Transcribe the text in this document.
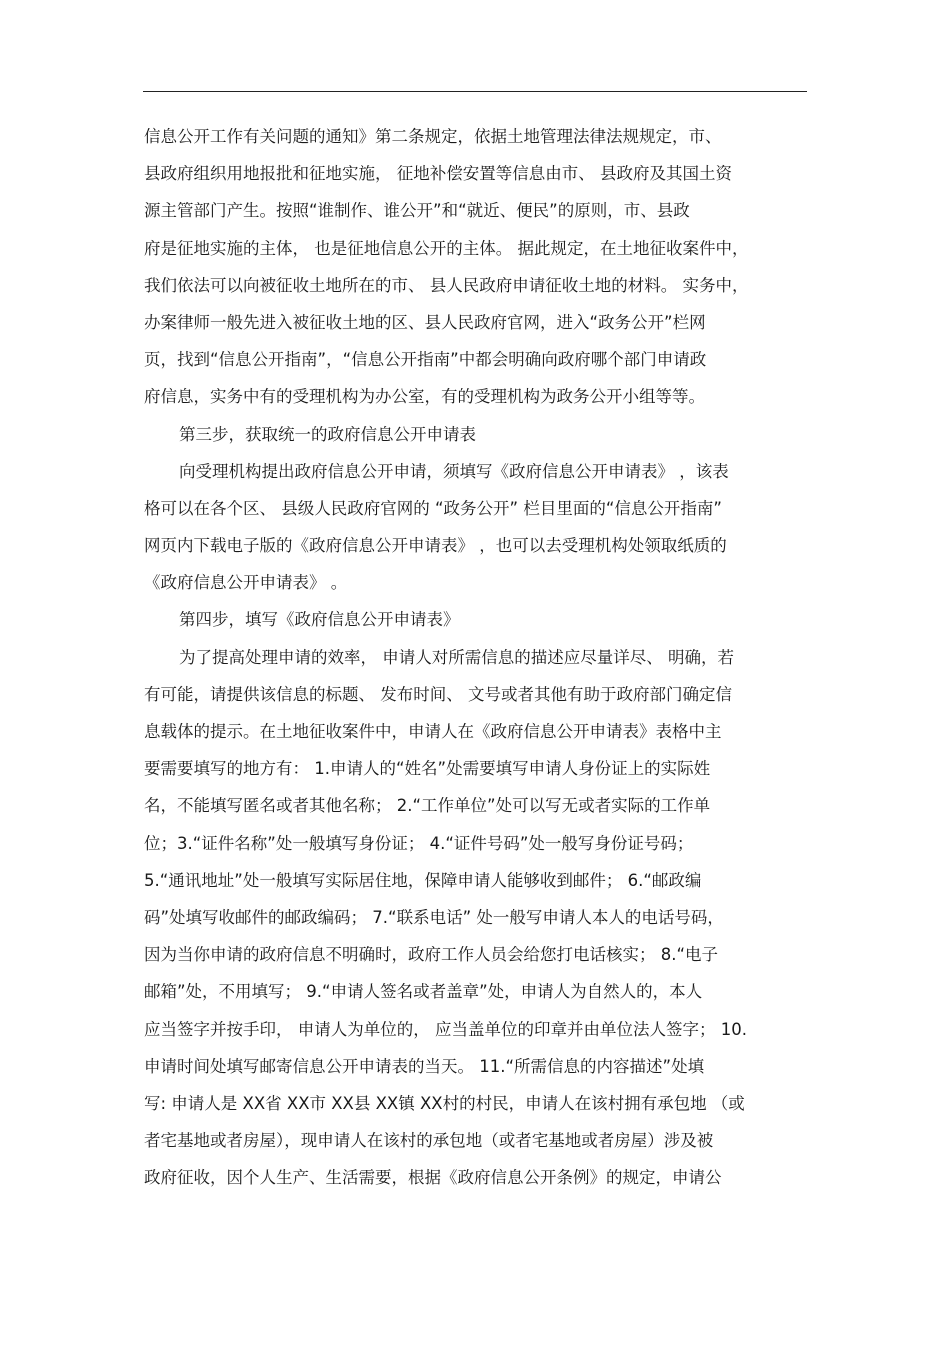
信息公开工作有关问题的通知》第二条规定，依据土地管理法律法规规定，市、
县政府组织用地报批和征地实施， 征地补偿安置等信息由市、 县政府及其国土资
源主管部门产生。按照“谁制作、谁公开”和“就近、便民”的原则，市、县政
府是征地实施的主体， 也是征地信息公开的主体。 据此规定，在土地征收案件中，
我们依法可以向被征收土地所在的市、 县人民政府申请征收土地的材料。 实务中，
办案律师一般先进入被征收土地的区、县人民政府官网，进入“政务公开”栏网
页，找到“信息公开指南”，“信息公开指南”中都会明确向政府哪个部门申请政
府信息，实务中有的受理机构为办公室，有的受理机构为政务公开小组等等。
第三步，获取统一的政府信息公开申请表
向受理机构提出政府信息公开申请，须填写《政府信息公开申请表》 ，该表
格可以在各个区、 县级人民政府官网的 “政务公开” 栏目里面的“信息公开指南”
网页内下载电子版的《政府信息公开申请表》 ，也可以去受理机构处领取纸质的
《政府信息公开申请表》 。
第四步，填写《政府信息公开申请表》
为了提高处理申请的效率， 申请人对所需信息的描述应尽量详尽、 明确，若
有可能，请提供该信息的标题、 发布时间、 文号或者其他有助于政府部门确定信
息载体的提示。在土地征收案件中，申请人在《政府信息公开申请表》表格中主
要需要填写的地方有： 1.申请人的“姓名”处需要填写申请人身份证上的实际姓
名，不能填写匿名或者其他名称； 2.“工作单位”处可以写无或者实际的工作单
位；3.“证件名称”处一般填写身份证； 4.“证件号码”处一般写身份证号码；
5.“通讯地址”处一般填写实际居住地，保障申请人能够收到邮件； 6.“邮政编
码”处填写收邮件的邮政编码； 7.“联系电话” 处一般写申请人本人的电话号码，
因为当你申请的政府信息不明确时，政府工作人员会给您打电话核实； 8.“电子
邮箱”处，不用填写； 9.“申请人签名或者盖章”处，申请人为自然人的，本人
应当签字并按手印， 申请人为单位的， 应当盖单位的印章并由单位法人签字； 10.
申请时间处填写邮寄信息公开申请表的当天。 11.“所需信息的内容描述”处填
写: 申请人是 XX省 XX市 XX县 XX镇 XX村的村民，申请人在该村拥有承包地 （或
者宅基地或者房屋），现申请人在该村的承包地（或者宅基地或者房屋）涉及被
政府征收，因个人生产、生活需要，根据《政府信息公开条例》的规定，申请公
